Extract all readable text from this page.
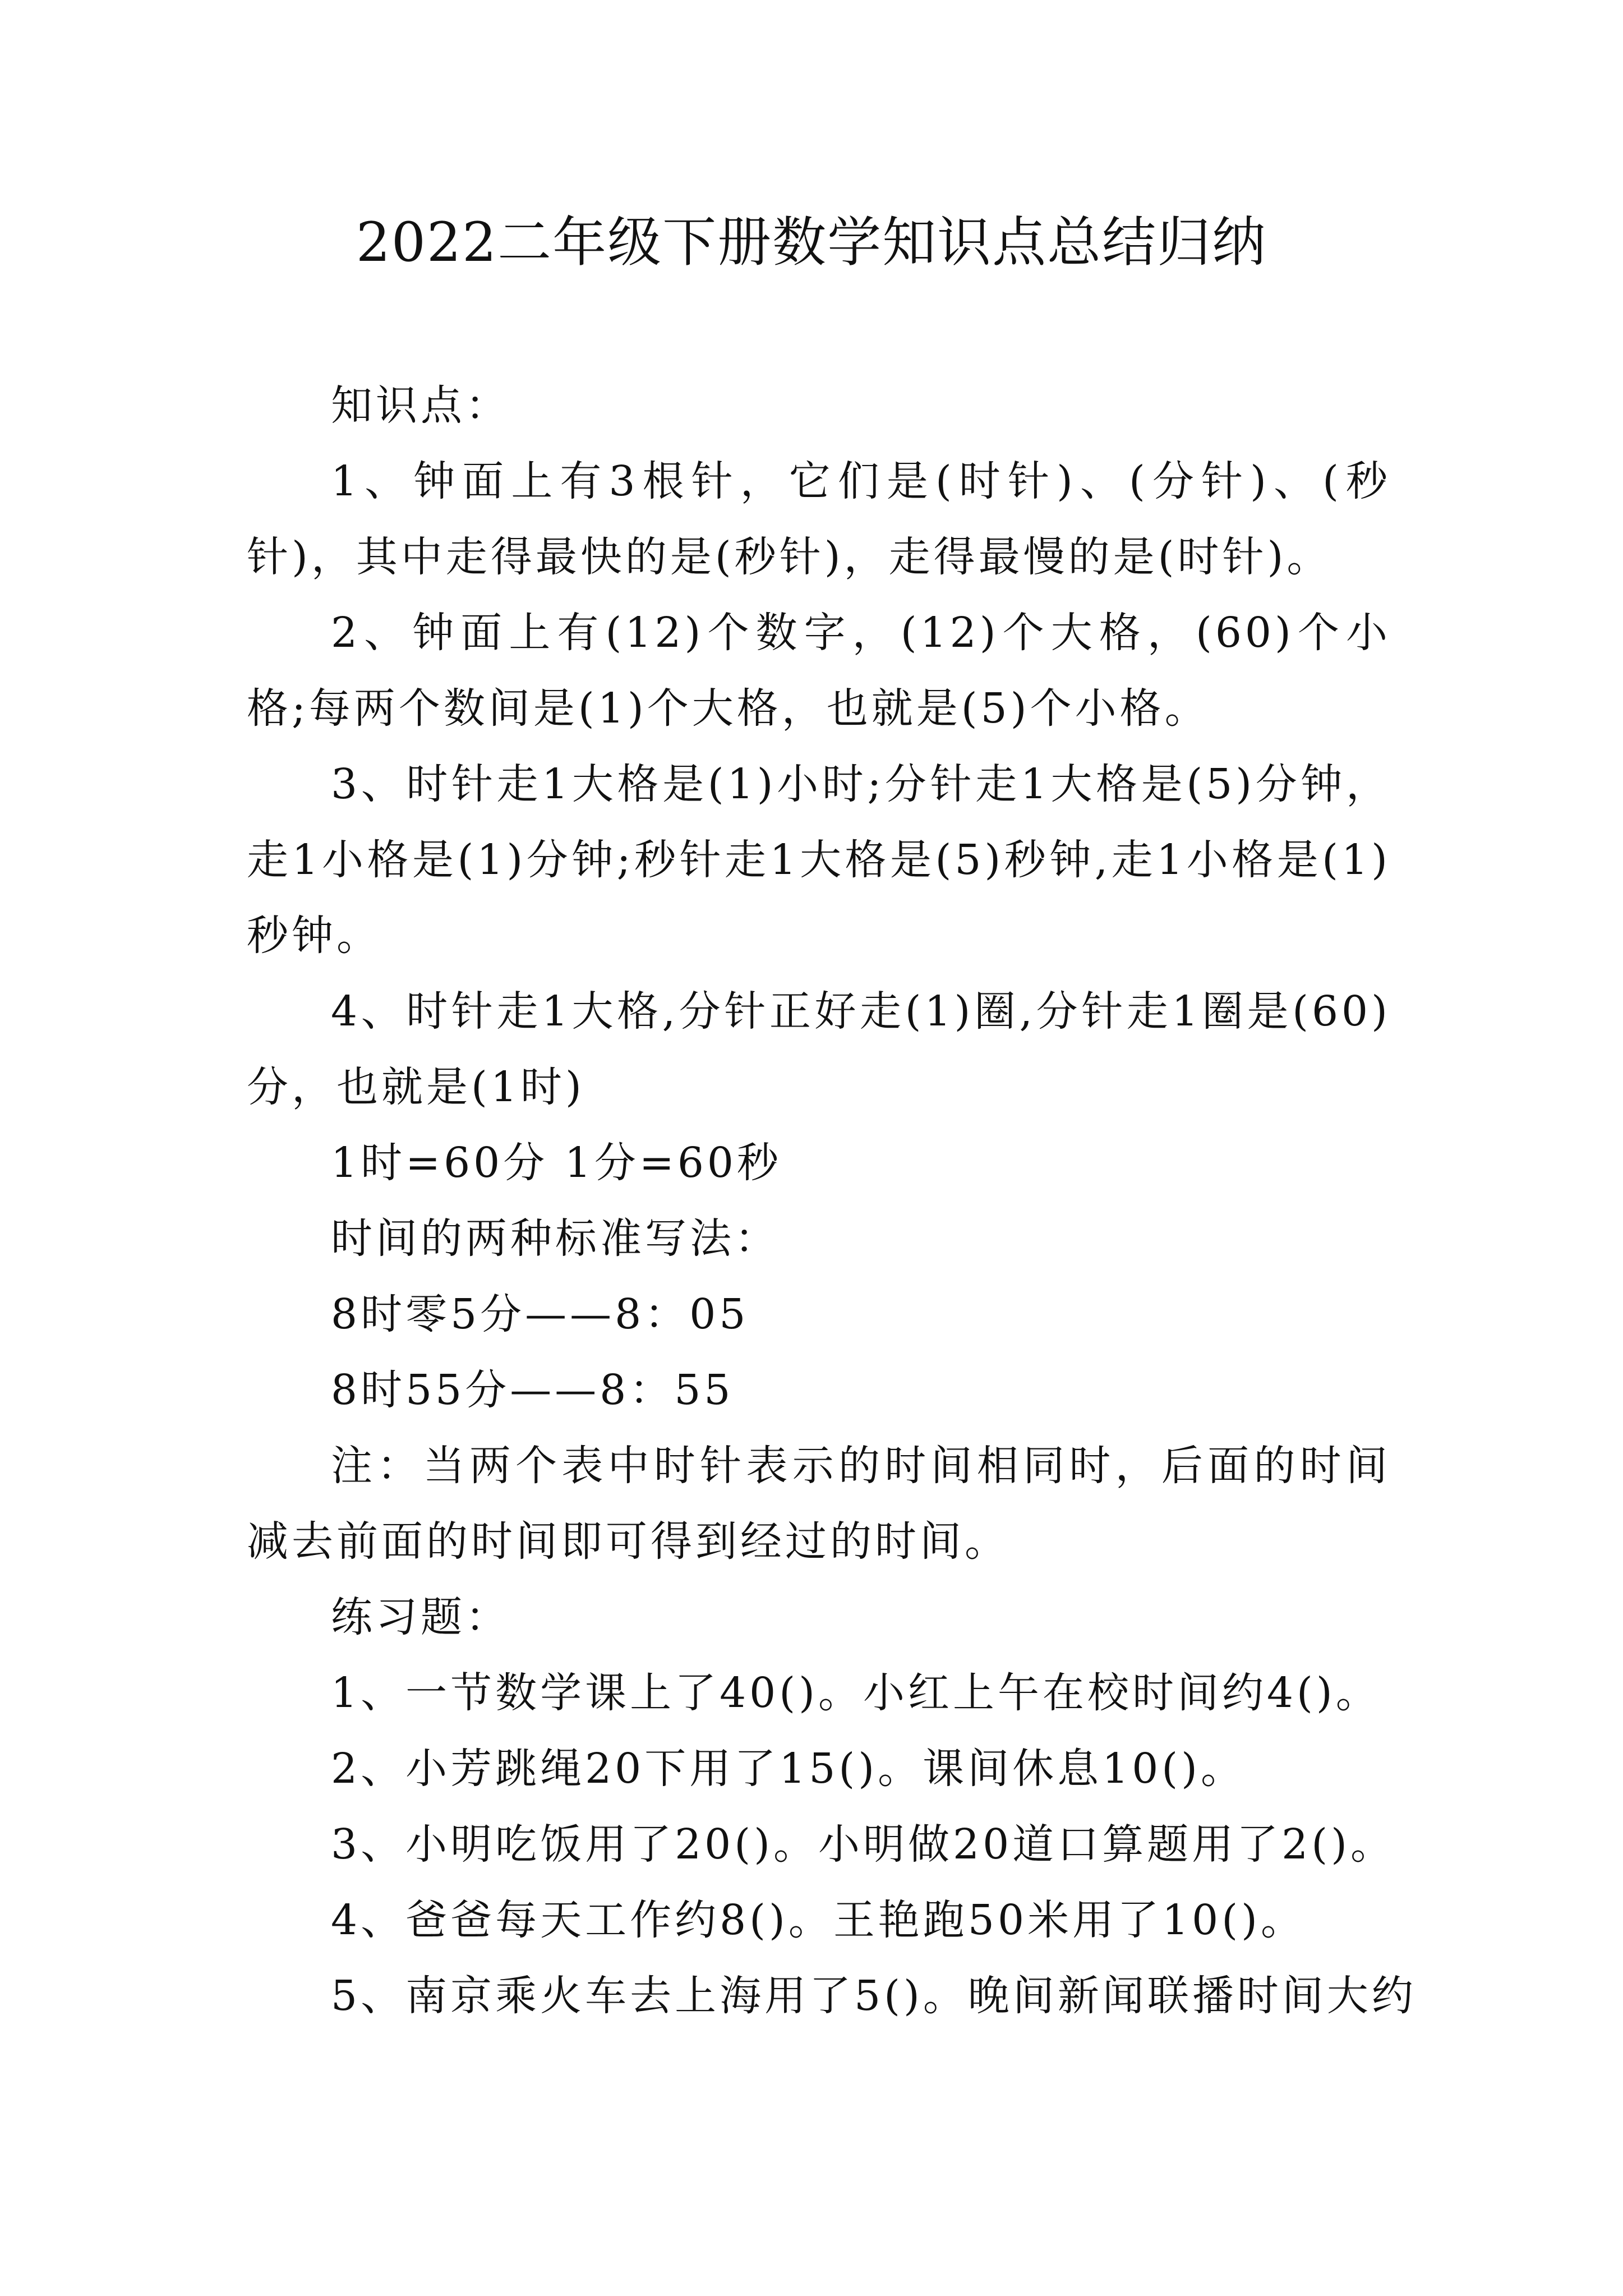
2022二年级下册数学知识点总结归纳

知识点：

1、钟面上有3根针，它们是(时针)、(分针)、(秒针)，其中走得最快的是(秒针)，走得最慢的是(时针)。

2、钟面上有(12)个数字，(12)个大格，(60)个小格;每两个数间是(1)个大格，也就是(5)个小格。

3、时针走1大格是(1)小时;分针走1大格是(5)分钟，走1小格是(1)分钟;秒针走1大格是(5)秒钟,走1小格是(1)秒钟。

4、时针走1大格,分针正好走(1)圈,分针走1圈是(60)分，也就是(1时)

1时=60分 1分=60秒

时间的两种标准写法：

8时零5分——8：05

8时55分——8：55

注：当两个表中时针表示的时间相同时，后面的时间减去前面的时间即可得到经过的时间。

练习题：

1、一节数学课上了40()。小红上午在校时间约4()。

2、小芳跳绳20下用了15()。课间休息10()。

3、小明吃饭用了20()。小明做20道口算题用了2()。

4、爸爸每天工作约8()。王艳跑50米用了10()。

5、南京乘火车去上海用了5()。晚间新闻联播时间大约
